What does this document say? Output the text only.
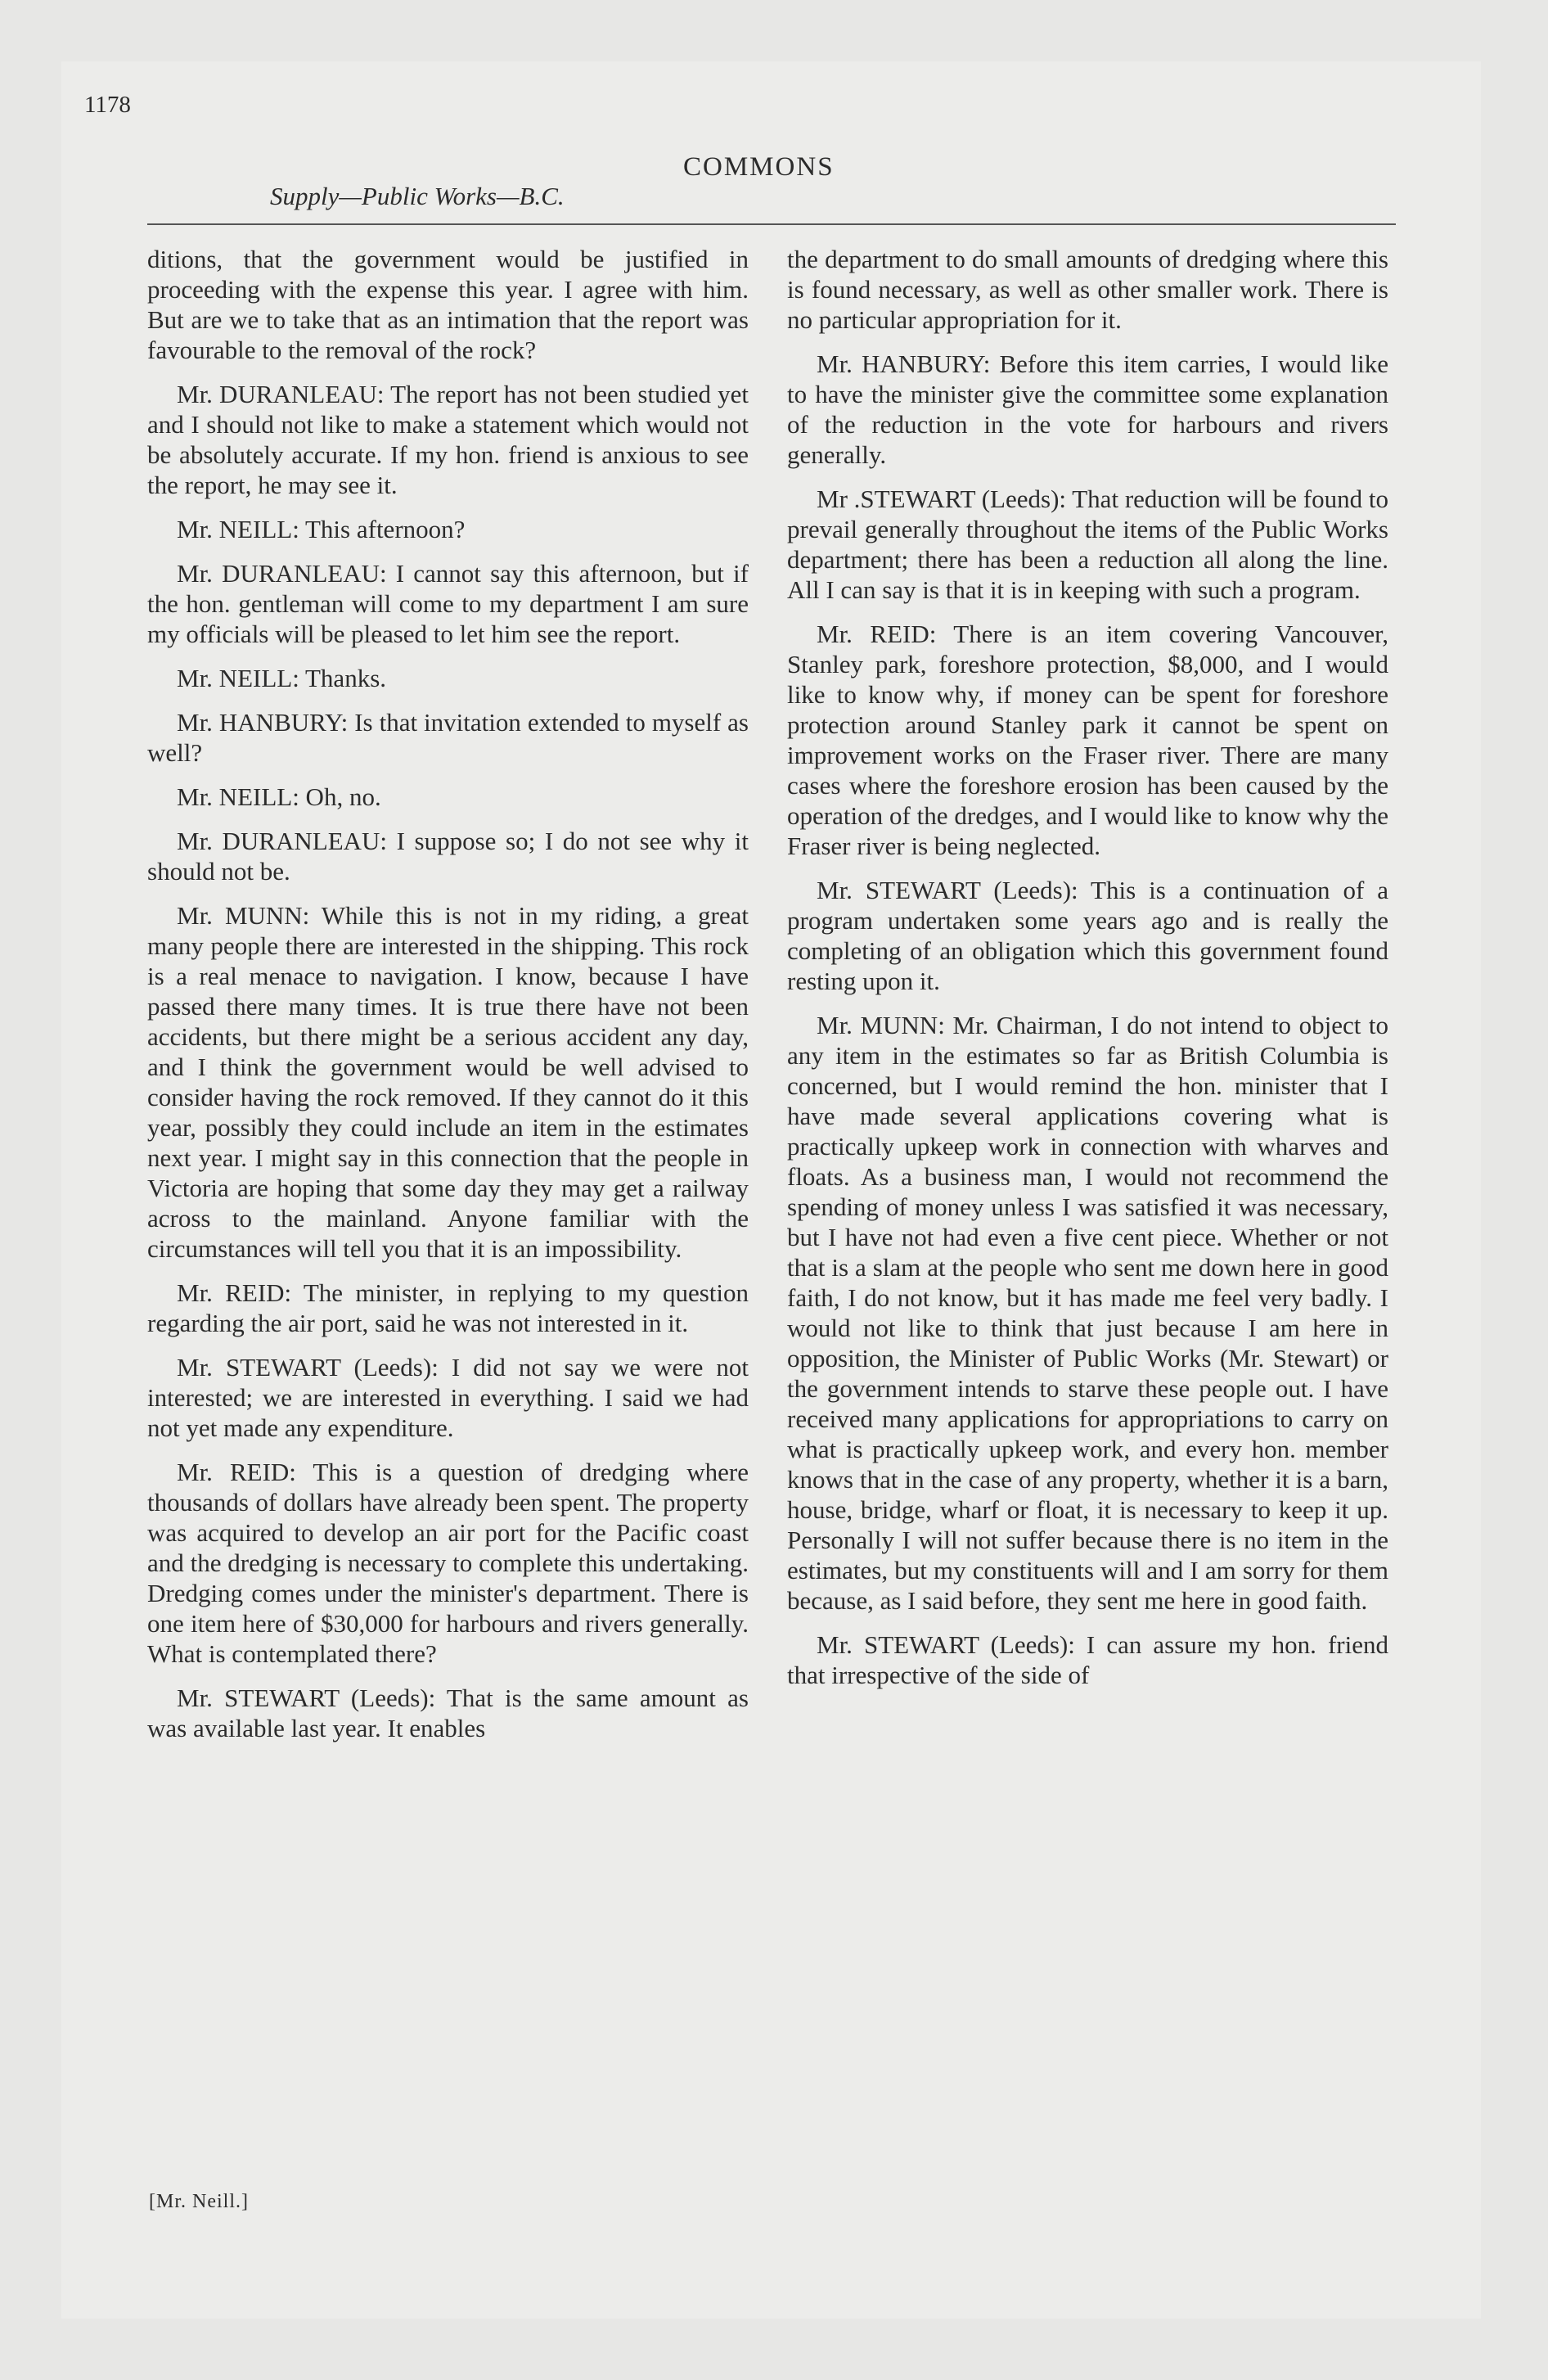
1178
Supply—Public Works—B.C.
COMMONS

ditions, that the government would be justified in proceeding with the expense this year. I agree with him. But are we to take that as an intimation that the report was favourable to the removal of the rock?

Mr. DURANLEAU: The report has not been studied yet and I should not like to make a statement which would not be absolutely accurate. If my hon. friend is anxious to see the report, he may see it.

Mr. NEILL: This afternoon?

Mr. DURANLEAU: I cannot say this afternoon, but if the hon. gentleman will come to my department I am sure my officials will be pleased to let him see the report.

Mr. NEILL: Thanks.

Mr. HANBURY: Is that invitation extended to myself as well?

Mr. NEILL: Oh, no.

Mr. DURANLEAU: I suppose so; I do not see why it should not be.

Mr. MUNN: While this is not in my riding, a great many people there are interested in the shipping. This rock is a real menace to navigation. I know, because I have passed there many times. It is true there have not been accidents, but there might be a serious accident any day, and I think the government would be well advised to consider having the rock removed. If they cannot do it this year, possibly they could include an item in the estimates next year. I might say in this connection that the people in Victoria are hoping that some day they may get a railway across to the mainland. Anyone familiar with the circumstances will tell you that it is an impossibility.

Mr. REID: The minister, in replying to my question regarding the air port, said he was not interested in it.

Mr. STEWART (Leeds): I did not say we were not interested; we are interested in everything. I said we had not yet made any expenditure.

Mr. REID: This is a question of dredging where thousands of dollars have already been spent. The property was acquired to develop an air port for the Pacific coast and the dredging is necessary to complete this undertaking. Dredging comes under the minister's department. There is one item here of $30,000 for harbours and rivers generally. What is contemplated there?

Mr. STEWART (Leeds): That is the same amount as was available last year. It enables

the department to do small amounts of dredging where this is found necessary, as well as other smaller work. There is no particular appropriation for it.

Mr. HANBURY: Before this item carries, I would like to have the minister give the committee some explanation of the reduction in the vote for harbours and rivers generally.

Mr .STEWART (Leeds): That reduction will be found to prevail generally throughout the items of the Public Works department; there has been a reduction all along the line. All I can say is that it is in keeping with such a program.

Mr. REID: There is an item covering Vancouver, Stanley park, foreshore protection, $8,000, and I would like to know why, if money can be spent for foreshore protection around Stanley park it cannot be spent on improvement works on the Fraser river. There are many cases where the foreshore erosion has been caused by the operation of the dredges, and I would like to know why the Fraser river is being neglected.

Mr. STEWART (Leeds): This is a continuation of a program undertaken some years ago and is really the completing of an obligation which this government found resting upon it.

Mr. MUNN: Mr. Chairman, I do not intend to object to any item in the estimates so far as British Columbia is concerned, but I would remind the hon. minister that I have made several applications covering what is practically upkeep work in connection with wharves and floats. As a business man, I would not recommend the spending of money unless I was satisfied it was necessary, but I have not had even a five cent piece. Whether or not that is a slam at the people who sent me down here in good faith, I do not know, but it has made me feel very badly. I would not like to think that just because I am here in opposition, the Minister of Public Works (Mr. Stewart) or the government intends to starve these people out. I have received many applications for appropriations to carry on what is practically upkeep work, and every hon. member knows that in the case of any property, whether it is a barn, house, bridge, wharf or float, it is necessary to keep it up. Personally I will not suffer because there is no item in the estimates, but my constituents will and I am sorry for them because, as I said before, they sent me here in good faith.

Mr. STEWART (Leeds): I can assure my hon. friend that irrespective of the side of

[Mr. Neill.]
